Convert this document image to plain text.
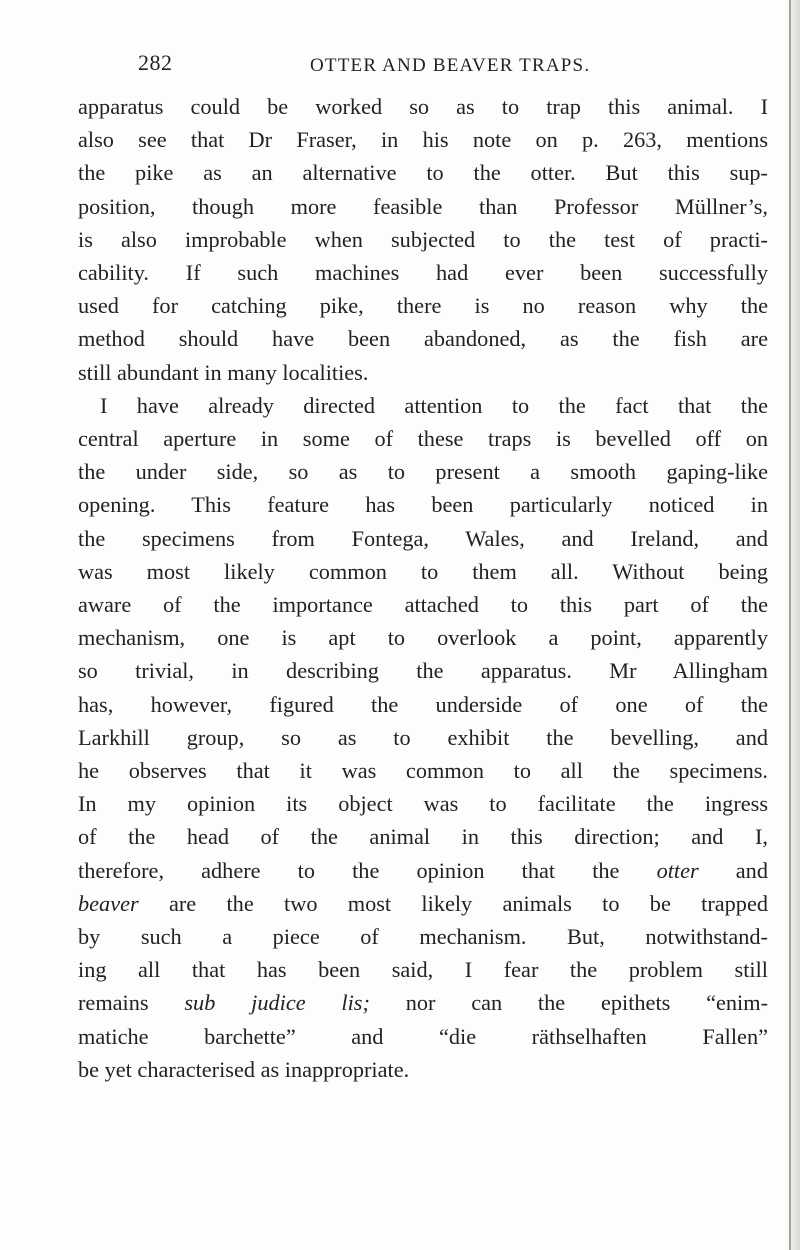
282	OTTER AND BEAVER TRAPS.
apparatus could be worked so as to trap this animal. I
also see that Dr Fraser, in his note on p. 263, mentions
the pike as an alternative to the otter. But this sup-
position, though more feasible than Professor Müllner’s,
is also improbable when subjected to the test of practi-
cability. If such machines had ever been successfully
used for catching pike, there is no reason why the
method should have been abandoned, as the fish are
still abundant in many localities.
I have already directed attention to the fact that the
central aperture in some of these traps is bevelled off on
the under side, so as to present a smooth gaping-like
opening. This feature has been particularly noticed in
the specimens from Fontega, Wales, and Ireland, and
was most likely common to them all. Without being
aware of the importance attached to this part of the
mechanism, one is apt to overlook a point, apparently
so trivial, in describing the apparatus. Mr Allingham
has, however, figured the underside of one of the
Larkhill group, so as to exhibit the bevelling, and
he observes that it was common to all the specimens.
In my opinion its object was to facilitate the ingress
of the head of the animal in this direction; and I,
therefore, adhere to the opinion that the otter and
beaver are the two most likely animals to be trapped
by such a piece of mechanism. But, notwithstand-
ing all that has been said, I fear the problem still
remains sub judice lis; nor can the epithets “enim-
matiche barchette” and “die räthselhaften Fallen”
be yet characterised as inappropriate.
